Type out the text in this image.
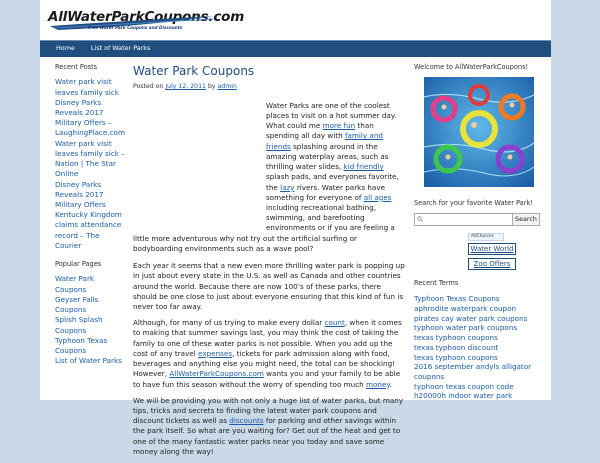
AllWaterParkCoupons.com
Free Water Park Coupons and Discounts
Home	List of Water Parks
Recent Posts
Water park visit leaves family sick
Disney Parks Reveals 2017 Military Offers – LaughingPlace.com
Water park visit leaves family sick – Nation | The Star Online
Disney Parks Reveals 2017 Military Offers
Kentucky Kingdom claims attendance record – The Courier
Popular Pages
Water Park Coupons
Geyser Falls Coupons
Splish Splash Coupons
Typhoon Texas Coupons
List of Water Parks
Water Park Coupons
Posted on July 12, 2011 by admin

Water Parks are one of the coolest places to visit on a hot summer day. What could me more fun than spending all day with family and friends splashing around in the amazing waterplay areas, such as thrilling water slides, kid friendly splash pads, and everyones favorite, the lazy rivers. Water parks have something for everyone of all ages including recreational bathing, swimming, and barefooting environments or if you are feeling a little more adventurous why not try out the artificial surfing or bodyboarding environments such as a wave pool?

Each year it seems that a new even more thrilling water park is popping up in just about every state in the U.S. as well as Canada and other countries around the world. Because there are now 100’s of these parks, there should be one close to just about everyone ensuring that this kind of fun is never too far away.

Although, for many of us trying to make every dollar count, when it comes to making that summer savings last, you may think the cost of taking the family to one of these water parks is not possible. When you add up the cost of any travel expenses, tickets for park admission along with food, beverages and anything else you might need, the total can be shocking! However, AllWaterParkCoupons.com wants you and your family to be able to have fun this season without the worry of spending too much money.

We will be providing you with not only a huge list of water parks, but many tips, tricks and secrets to finding the latest water park coupons and discount tickets as well as discounts for parking and other savings within the park itself. So what are you waiting for? Get out of the heat and get to one of the many fantastic water parks near you today and save some money along the way!

Welcome to AllWaterParkCoupons!
Search for your favorite Water Park!
Search
AdChoices
Water World
Zoo Offers
Recent Terms
Typhoon Texas Coupons
aphrodite waterpark coupon
pirates cay water park coupons
typhoon water park coupons
texas typhoon coupons
texas typhoon discount
texas typhoon coupons
2016 september andyls alligator coupons
typhoon texas coupon code
h20000h indoor water park
